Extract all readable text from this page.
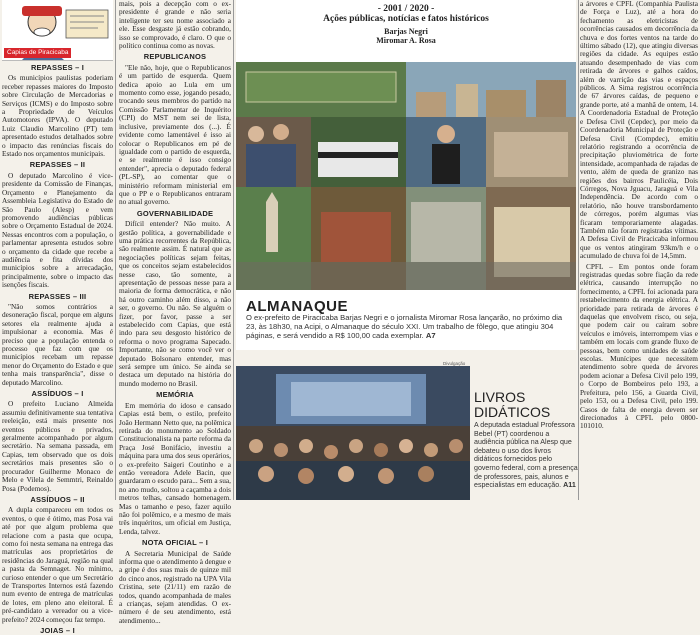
Capias de Piracicaba
REPASSES – I

Os municípios paulistas poderiam receber repasses maiores do Imposto sobre Circulação de Mercadorias e Serviços (ICMS) e do Imposto sobre a Propriedade de Veículos Automotores (IPVA). O deputado Luiz Claudio Marcolino (PT) tem apresentado estudos detalhados sobre o impacto das renúncias fiscais do Estado nos orçamentos municipais.

REPASSES – II

O deputado Marcolino é vice-presidente da Comissão de Finanças, Orçamento e Planejamento da Assembleia Legislativa do Estado de São Paulo (Alesp) e vem promovendo audiências públicas sobre o Orçamento Estadual de 2024. Nessas encontros com a população, o parlamentar apresenta estudos sobre o orçamento da cidade que recebe a audiência e fita dívidas dos municípios sobre a arrecadação, principalmente, sobre o impacto das isenções fiscais.

REPASSES – III

"Não somos contrários a desoneração fiscal, porque em alguns setores ela realmente ajuda a impulsionar a economia. Mas é preciso que a população entenda o processo que faz com que os municípios recebam um repasse menor do Orçamento do Estado e que tenha mais transparência", disse o deputado Marcolino.

ASSÍDUOS – I

O prefeito Luciano Almeida assumiu definitivamente sua tentativa reeleição, está mais presente nos eventos públicos e privados, geralmente acompanhado por algum secretário. Na semana passada, em Capias, tem observado que os dois secretários mais presentes são o procurador Guilherme Monaco de Melo e Vilela de Semmtri, Reinaldo Posa (Podemos).

ASSÍDUOS – II

A dupla compareceu em todos os eventos, o que é ótimo, mas Posa vai até por que algum problema que relacione com a pasta que ocupa, como foi nesta semana na entrega das matrículas aos proprietários de residências do Jaraguá, região na qual a pasta da Semnaget. No mínimo, curioso entender o que um Secretário de Transportes Internos está fazendo num evento de entrega de matrículas de lotes, em pleno ano eleitoral. É pré-candidato a vereador ou a vice-prefeito? 2024 começou faz tempo.

JOIAS – I

mais, pois a decepção com o ex-presidente é grande e não seria inteligente ter seu nome associado a ele. Esse desgaste já estão cobrando, isso se comprovado, é claro. O que o político continua como as novas.

REPUBLICANOS

"Ele não, hoje, que o Republicanos é um partido de esquerda. Quem dedica apoio ao Lula em um momento como esse, jogando pesado, trocando seus membros do partido na Comissão Parlamentar de Inquérito (CPI) do MST nem sei de lista, inclusive, previamente dos (...). É evidente como lamentável é isso ai colocar o Republicanos em pé de igualdade com o partido de esquerda, e se realmente é isso consigo entender", aprecia o deputado federal (PL-SP), ao comentar que o ministério reformam ministerial em que o PP e o Republicanos entraram no atual governo.

GOVERNABILIDADE

Difícil entender? Não muito. A gestão política, a governabilidade e uma prática recorrentes da República, são realmente assim. É natural que as negociações políticas sejam feitas, que os conceitos sejam estabelecidos nesse caso, tão somente, a apresentação de pessoas nesse para a maioria de forma democrática, e não há outro caminho além disso, a não ser, o governo. Ou não. Se alguém o fizer, por favor, passe a ser estabelecido com Capias, que está indo para seu desgosto histórico de reforma o novo programa Sapecado. Importante, não se como você ver o deputado Bolsonaro entender, mas será sempre um único. Se ainda se destaca um deputado na história do mundo moderno no Brasil.

MEMÓRIA

Em memória do idoso e cansado Capias está bem, o estilo, prefeito João Hermann Netto que, na polêmica retirada do monumento ao Soldado Constitucionalista na parte reforma da Praça José Bonifácio, investiu a máquina para uma dos seus operários, o ex-prefeito Saigeri Coutinho e a então vereadora Adele Bacin, que guardaram o escudo para... Sem a sua, no ano mudo, soltou a caçamba a dois metros telhas, cansado homenagem. Mas o tamanho e peso, fazer aquilo não foi polêmico, e a mesmo de mais três inquéritos, um oficial em Justiça, Lenda, talvez.

NOTA OFICIAL – I

A Secretaria Municipal de Saúde informa que o atendimento à dengue e a gripe é dos suas mais de quinze mil do cinco anos, registrado na UPA Vila Cristina, sete (21/11) em razão de todos, quando acompanhada de males a crianças, sejam atendidas. O ex-número é de seu atendimento, está atendimento...

- 2001 / 2020 -
Ações públicas, notícias e fatos históricos
Barjas Negri
Miromar A. Rosa
ALMANAQUE
O ex-prefeito de Piracicaba Barjas Negri e o jornalista Miromar Rosa lançarão, no próximo dia 23, às 18h30, na Acipi, o Almanaque do século XXI. Um trabalho de fôlego, que atingiu 304 páginas, e será vendido a R$ 100,00 cada exemplar. A7
Divulgação
LIVROS
DIDÁTICOS
A deputada estadual Professora Bebel (PT) coordenou a audiência pública na Alesp que debateu o uso dos livros didáticos fornecidos pelo governo federal, com a presença de professores, pais, alunos e especialistas em educação. A11

a árvores e CPFL (Companhia Paulista de Força e Luz), até a hora do fechamento as eletricistas de ocorrências causados em decorrência da chuva e dos fortes ventos na tarde do último sábado (12), que atingiu diversas regiões da cidade. As equipes estão atuando desempenhado de vias com retirada de árvores e galhos caídos, além de varrição das vias e espaços públicos. A Sima registrou ocorrência de 67 árvores caídas, de pequeno e grande porte, até a manhã de ontem, 14. A Coordenadoria Estadual de Proteção e Defesa Civil (Cepdec), por meio da Coordenadoria Municipal de Proteção e Defesa Civil (Compdec), emitiu relatório registrando a ocorrência de precipitação pluviométrica de forte intensidade, acompanhada de rajadas de vento, além de queda de granizo nas regiões dos bairros Paulicéia, Dois Córregos, Nova Jguacu, Jaraguá e Vila Independência. De acordo com o relatório, não houve transbordamento de córregos, porém algumas vias ficaram temporariamente alagadas. Também não foram registradas vítimas. A Defesa Civil de Piracicaba informou que os ventos atingiram 93km/h e o acumulado de chuva foi de 14,5mm.

CPFL – Em pontos onde foram registradas quedas sobre fiação da rede elétrica, causando interrupção no fornecimento, a CPFL foi acionada para restabelecimento da energia elétrica. A prioridade para retirada de árvores é daquelas que envolvem risco, ou seja, que podem cair ou caíram sobre veículos e imóveis, interrompem vias e também em locais com grande fluxo de pessoas, bem como unidades de saúde escolas. Munícipes que necessitem atendimento sobre queda de árvores podem acionar a Defesa Civil pelo 199, o Corpo de Bombeiros pelo 193, a Prefeitura, pelo 156, a Guarda Civil, pelo 153, ou a Defesa Civil, pelo 199. Casos de falta de energia devem ser direcionados à CPFL pelo 0800-101010.
